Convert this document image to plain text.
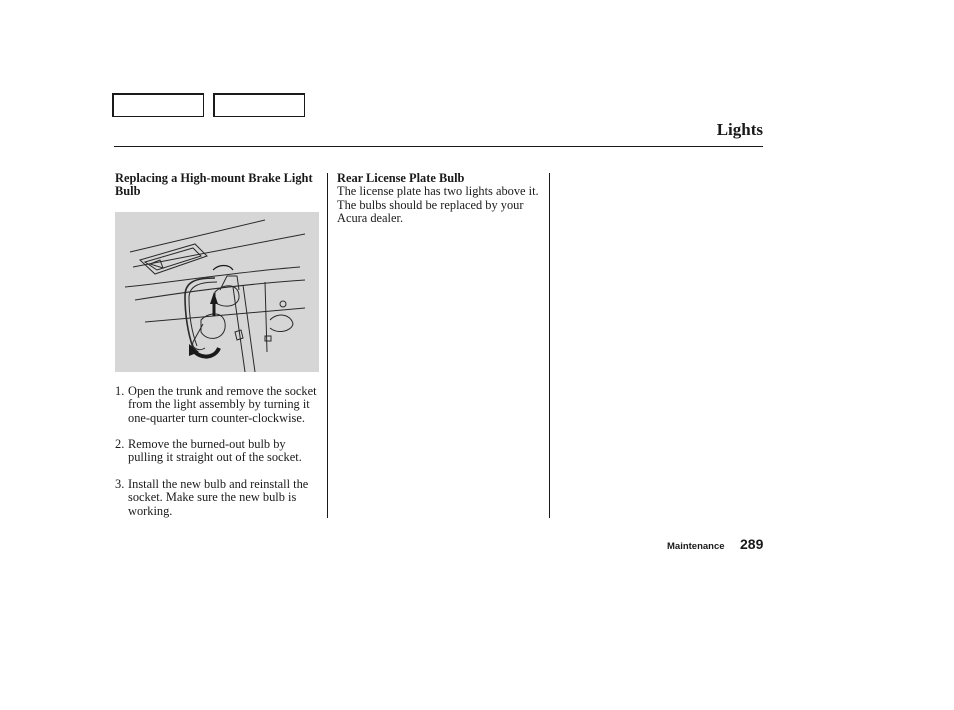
Lights
Replacing a High-mount Brake Light Bulb
1. Open the trunk and remove the socket from the light assembly by turning it one-quarter turn counter-clockwise.
2. Remove the burned-out bulb by pulling it straight out of the socket.
3. Install the new bulb and reinstall the socket. Make sure the new bulb is working.
Rear License Plate Bulb
The license plate has two lights above it. The bulbs should be replaced by your Acura dealer.
Maintenance 289
